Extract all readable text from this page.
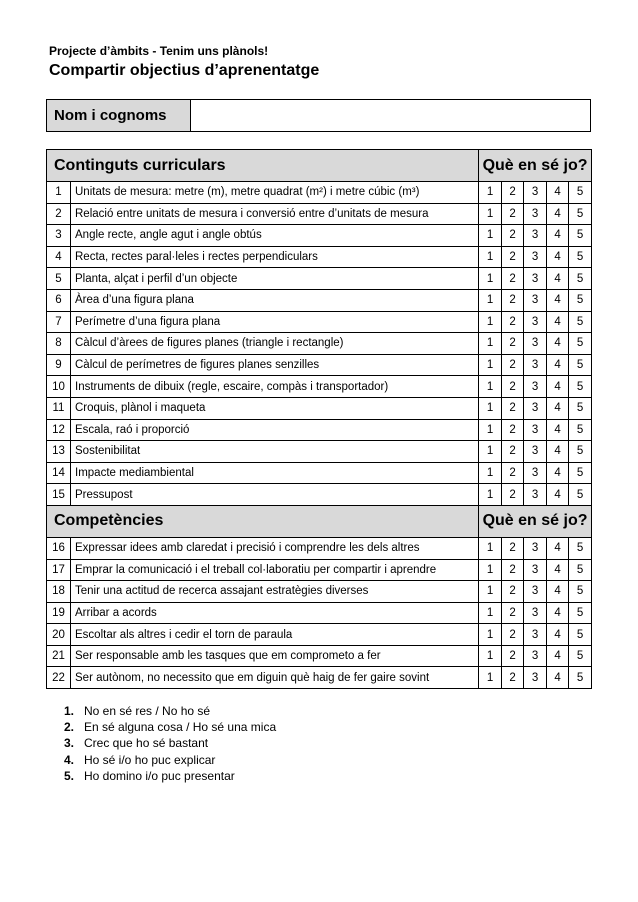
Projecte d’àmbits - Tenim uns plànols!
Compartir objectius d’aprenentatge
Nom i cognoms
Continguts curriculars		Què en sé jo?				
1	Unitats de mesura: metre (m), metre quadrat (m²) i metre cúbic (m³)	1	2	3	4	5
2	Relació entre unitats de mesura i conversió entre d’unitats de mesura	1	2	3	4	5
3	Angle recte, angle agut i angle obtús	1	2	3	4	5
4	Recta, rectes paral·leles i rectes perpendiculars	1	2	3	4	5
5	Planta, alçat i perfil d’un objecte	1	2	3	4	5
6	Àrea d’una figura plana	1	2	3	4	5
7	Perímetre d’una figura plana	1	2	3	4	5
8	Càlcul d’àrees de figures planes (triangle i rectangle)	1	2	3	4	5
9	Càlcul de perímetres de figures planes senzilles	1	2	3	4	5
10	Instruments de dibuix (regle, escaire, compàs i transportador)	1	2	3	4	5
11	Croquis, plànol i maqueta	1	2	3	4	5
12	Escala, raó i proporció	1	2	3	4	5
13	Sostenibilitat	1	2	3	4	5
14	Impacte mediambiental	1	2	3	4	5
15	Pressupost	1	2	3	4	5
Competències		Què en sé jo?				
16	Expressar idees amb claredat i precisió i comprendre les dels altres	1	2	3	4	5
17	Emprar la comunicació i el treball col·laboratiu per compartir i aprendre	1	2	3	4	5
18	Tenir una actitud de recerca assajant estratègies diverses	1	2	3	4	5
19	Arribar a acords	1	2	3	4	5
20	Escoltar als altres i cedir el torn de paraula	1	2	3	4	5
21	Ser responsable amb les tasques que em comprometo a fer	1	2	3	4	5
22	Ser autònom, no necessito que em diguin què haig de fer gaire sovint	1	2	3	4	5
1. No en sé res / No ho sé
2. En sé alguna cosa / Ho sé una mica
3. Crec que ho sé bastant
4. Ho sé i/o ho puc explicar
5. Ho domino i/o puc presentar
